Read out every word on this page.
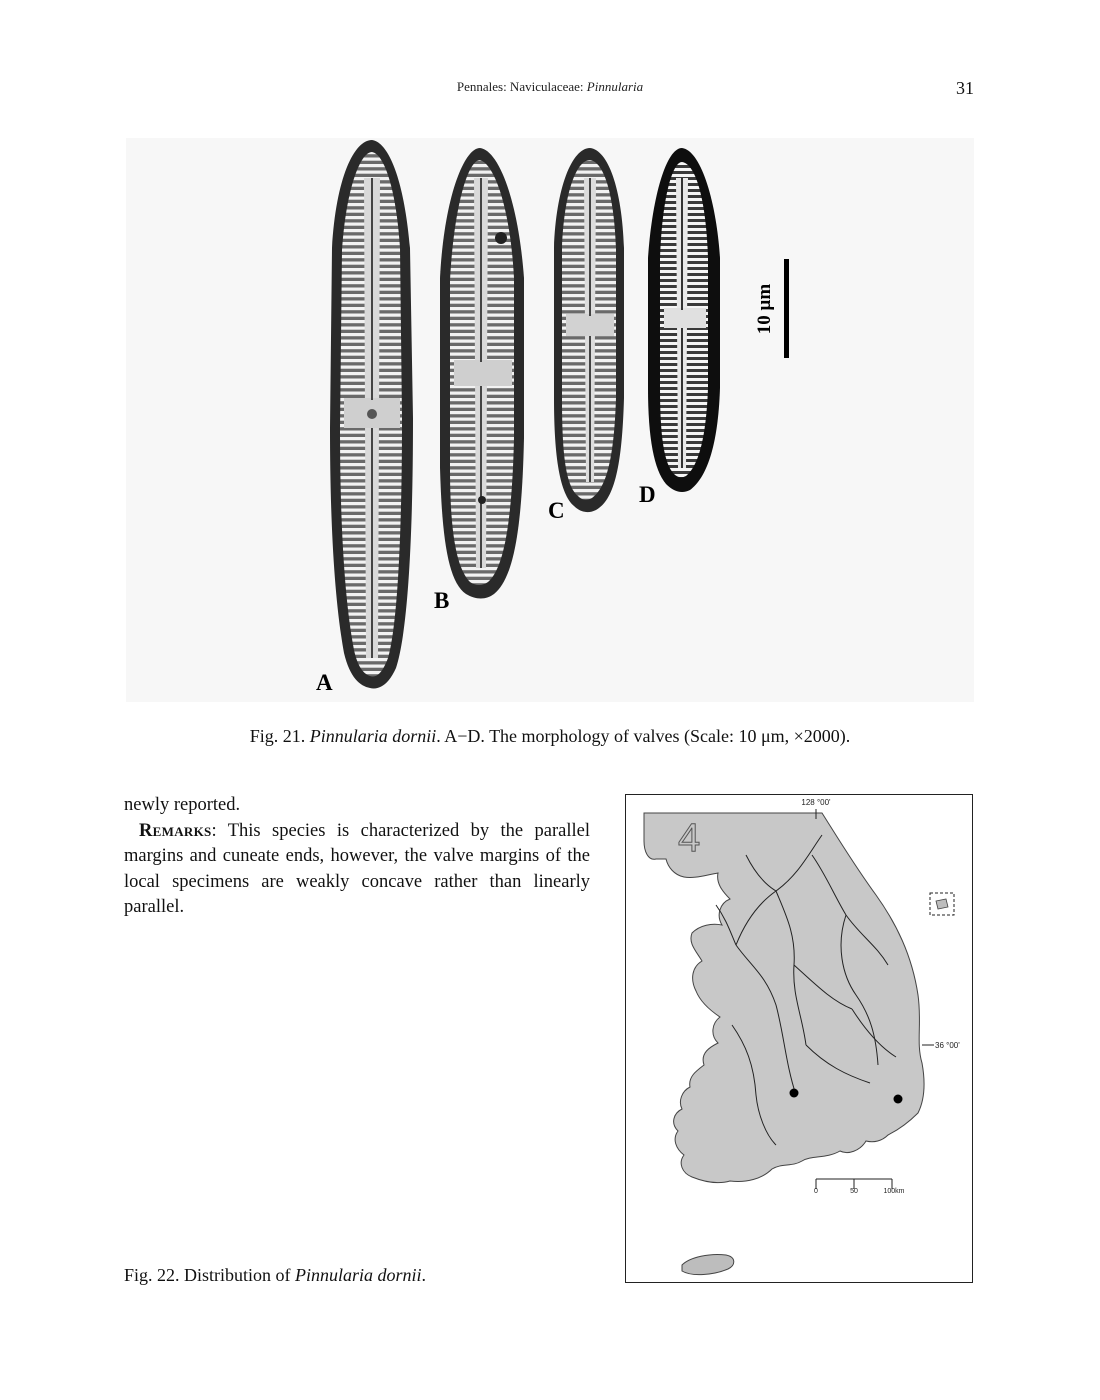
Pennales: Naviculaceae: Pinnularia	31
10 μm
A
B
C
D
Fig. 21. Pinnularia dornii. A−D. The morphology of valves (Scale: 10 μm, ×2000).

newly reported.

Remarks: This species is characterized by the parallel margins and cuneate ends, however, the valve margins of the local specimens are weakly concave rather than linearly parallel.

128 °00'
36 °00'
4
0	50	100km
Fig. 22. Distribution of Pinnularia dornii.
